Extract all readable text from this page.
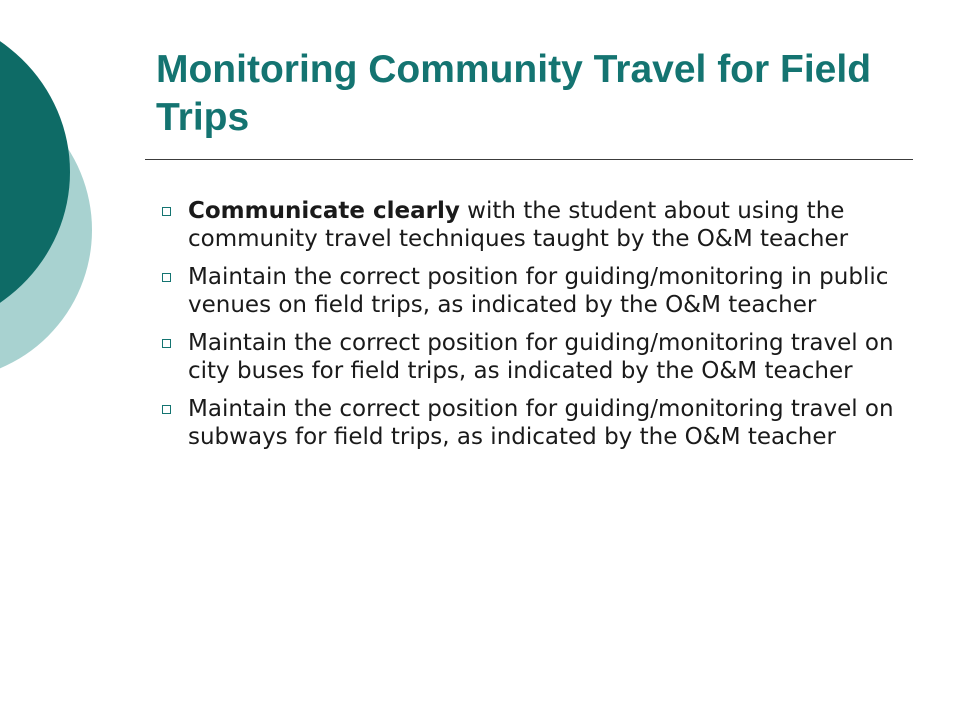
Monitoring Community Travel for Field Trips
Communicate clearly with the student about using the community travel techniques taught by the O&M teacher
Maintain the correct position for guiding/monitoring in public venues on field trips, as indicated by the O&M teacher
Maintain the correct position for guiding/monitoring travel on city buses for field trips, as indicated by the O&M teacher
Maintain the correct position for guiding/monitoring travel on subways for field trips, as indicated by the O&M teacher
